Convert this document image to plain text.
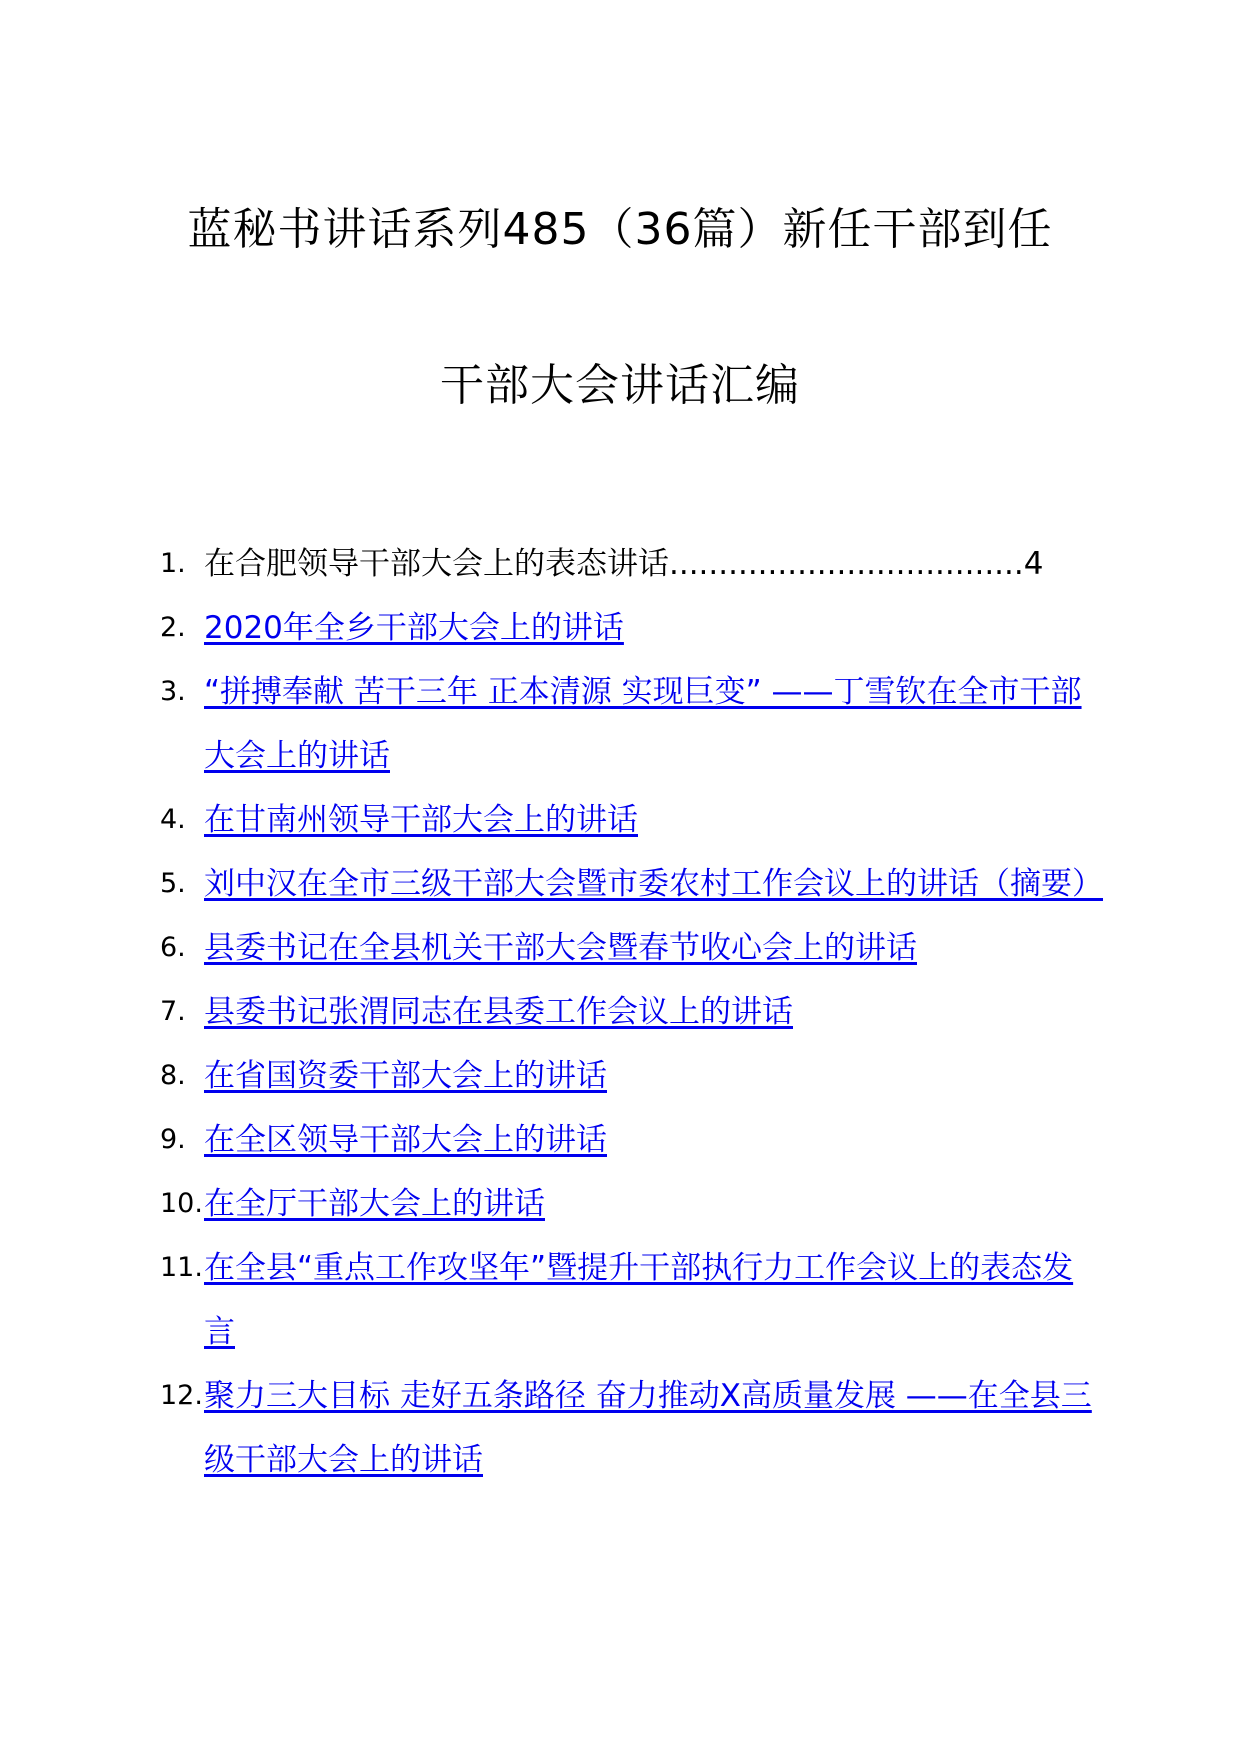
蓝秘书讲话系列485（36篇）新任干部到任
干部大会讲话汇编
1. 在合肥领导干部大会上的表态讲话....................................4
2. 2020年全乡干部大会上的讲话
3. “拼搏奉献 苦干三年 正本清源 实现巨变” ——丁雪钦在全市干部大会上的讲话
4. 在甘南州领导干部大会上的讲话
5. 刘中汉在全市三级干部大会暨市委农村工作会议上的讲话（摘要）
6. 县委书记在全县机关干部大会暨春节收心会上的讲话
7. 县委书记张渭同志在县委工作会议上的讲话
8. 在省国资委干部大会上的讲话
9. 在全区领导干部大会上的讲话
10. 在全厅干部大会上的讲话
11. 在全县“重点工作攻坚年”暨提升干部执行力工作会议上的表态发言
12. 聚力三大目标 走好五条路径 奋力推动X高质量发展 ——在全县三级干部大会上的讲话
